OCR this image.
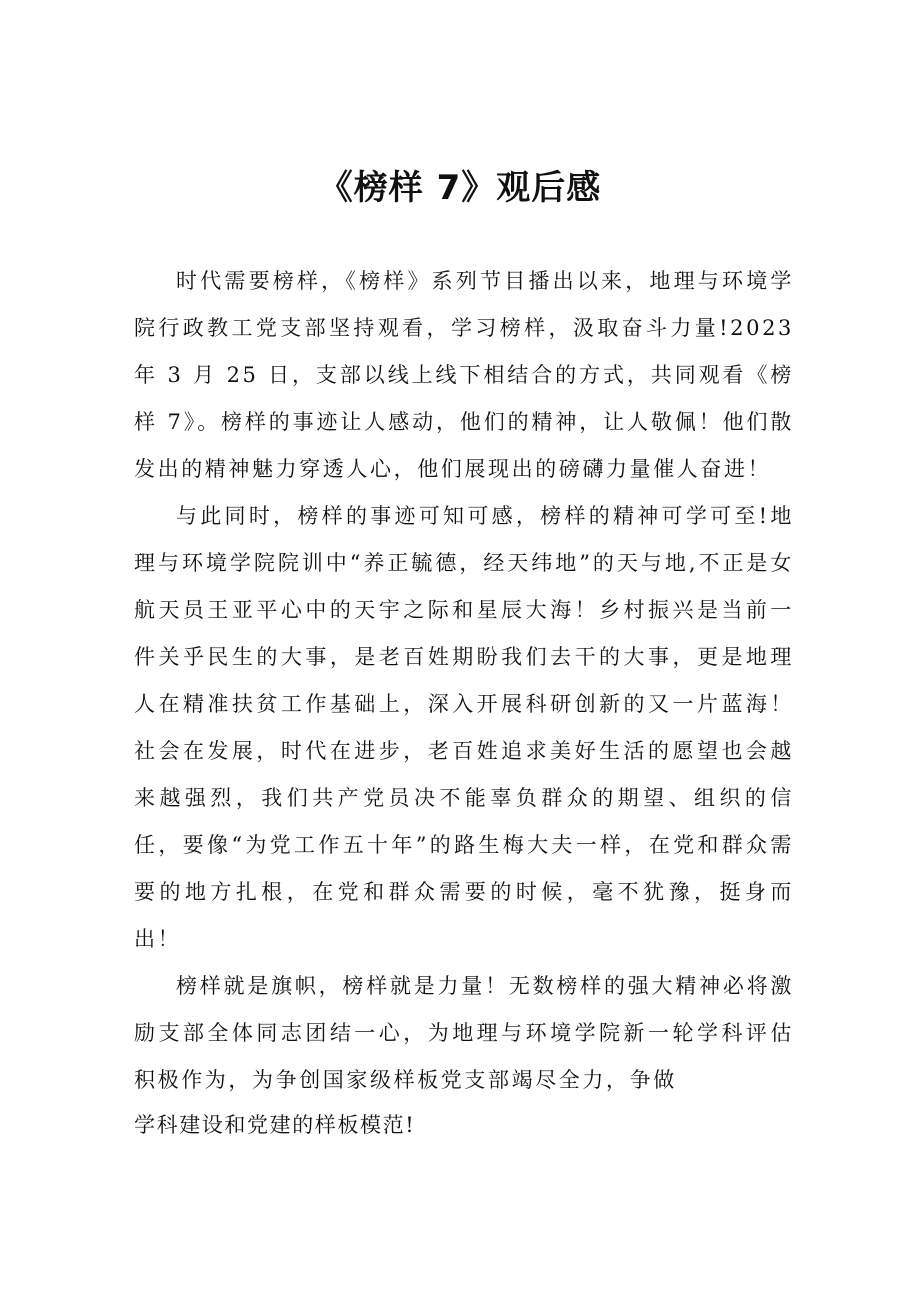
《榜样 7》观后感

时代需要榜样，《榜样》系列节目播出以来，地理与环境学院行政教工党支部坚持观看，学习榜样，汲取奋斗力量!2023 年 3 月 25 日，支部以线上线下相结合的方式，共同观看《榜样 7》。榜样的事迹让人感动，他们的精神，让人敬佩！他们散发出的精神魅力穿透人心，他们展现出的磅礴力量催人奋进！

与此同时，榜样的事迹可知可感，榜样的精神可学可至!地理与环境学院院训中“养正毓德，经天纬地”的天与地,不正是女航天员王亚平心中的天宇之际和星辰大海！乡村振兴是当前一件关乎民生的大事，是老百姓期盼我们去干的大事，更是地理人在精准扶贫工作基础上，深入开展科研创新的又一片蓝海！社会在发展，时代在进步，老百姓追求美好生活的愿望也会越来越强烈，我们共产党员决不能辜负群众的期望、组织的信任，要像“为党工作五十年”的路生梅大夫一样，在党和群众需要的地方扎根，在党和群众需要的时候，毫不犹豫，挺身而出！

榜样就是旗帜，榜样就是力量！无数榜样的强大精神必将激励支部全体同志团结一心，为地理与环境学院新一轮学科评估积极作为，为争创国家级样板党支部竭尽全力，争做

学科建设和党建的样板模范!
